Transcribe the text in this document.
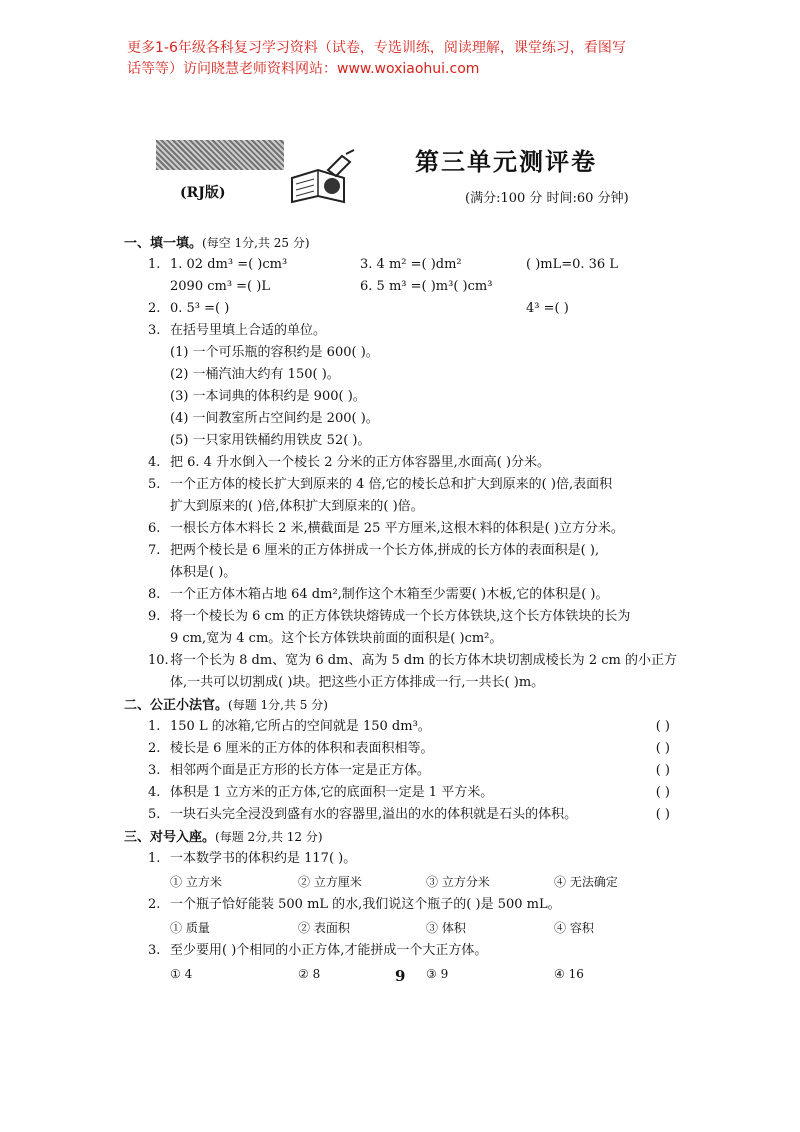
更多1-6年级各科复习学习资料（试卷，专选训练，阅读理解，课堂练习，看图写
话等等）访问晓慧老师资料网站：www.woxiaohui.com
(RJ版)
第三单元测评卷
(满分:100 分 时间:60 分钟)
一、填一填。(每空 1分,共 25 分)
1. 1. 02 dm³ =( )cm³	3. 4 m² =( )dm²	( )mL=0. 36 L
2090 cm³ =( )L	6. 5 m³ =( )m³( )cm³
2. 0. 5³ =( )	4³ =( )
3. 在括号里填上合适的单位。
(1) 一个可乐瓶的容积约是 600( )。
(2) 一桶汽油大约有 150( )。
(3) 一本词典的体积约是 900( )。
(4) 一间教室所占空间约是 200( )。
(5) 一只家用铁桶约用铁皮 52( )。
4. 把 6. 4 升水倒入一个棱长 2 分米的正方体容器里,水面高( )分米。
5. 一个正方体的棱长扩大到原来的 4 倍,它的棱长总和扩大到原来的( )倍,表面积
扩大到原来的( )倍,体积扩大到原来的( )倍。
6. 一根长方体木料长 2 米,横截面是 25 平方厘米,这根木料的体积是( )立方分米。
7. 把两个棱长是 6 厘米的正方体拼成一个长方体,拼成的长方体的表面积是( ),
体积是( )。
8. 一个正方体木箱占地 64 dm²,制作这个木箱至少需要( )木板,它的体积是( )。
9. 将一个棱长为 6 cm 的正方体铁块熔铸成一个长方体铁块,这个长方体铁块的长为
9 cm,宽为 4 cm。这个长方体铁块前面的面积是( )cm²。
10. 将一个长为 8 dm、宽为 6 dm、高为 5 dm 的长方体木块切割成棱长为 2 cm 的小正方
体,一共可以切割成( )块。把这些小正方体排成一行,一共长( )m。
二、公正小法官。(每题 1分,共 5 分)
1. 150 L 的冰箱,它所占的空间就是 150 dm³。	( )
2. 棱长是 6 厘米的正方体的体积和表面积相等。	( )
3. 相邻两个面是正方形的长方体一定是正方体。	( )
4. 体积是 1 立方米的正方体,它的底面积一定是 1 平方米。	( )
5. 一块石头完全浸没到盛有水的容器里,溢出的水的体积就是石头的体积。	( )
三、对号入座。(每题 2分,共 12 分)
1. 一本数学书的体积约是 117( )。
① 立方米	② 立方厘米	③ 立方分米	④ 无法确定
2. 一个瓶子恰好能装 500 mL 的水,我们说这个瓶子的( )是 500 mL。
① 质量	② 表面积	③ 体积	④ 容积
3. 至少要用( )个相同的小正方体,才能拼成一个大正方体。
① 4	② 8	③ 9	④ 16
9
